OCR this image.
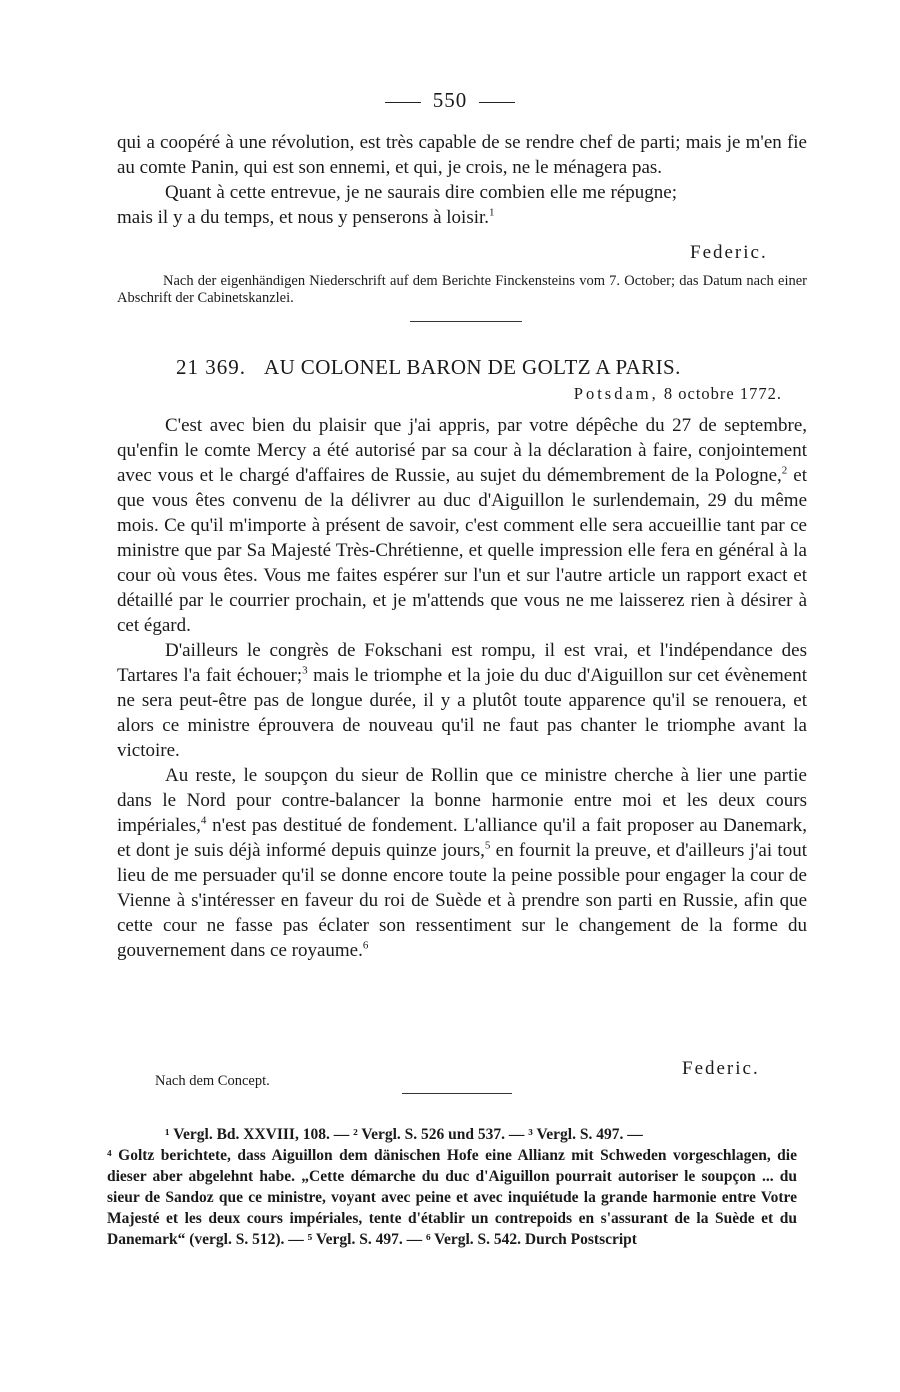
550

qui a coopéré à une révolution, est très capable de se rendre chef de parti; mais je m'en fie au comte Panin, qui est son ennemi, et qui, je crois, ne le ménagera pas.

Quant à cette entrevue, je ne saurais dire combien elle me répugne; mais il y a du temps, et nous y penserons à loisir.$^1$

Federic.
Nach der eigenhändigen Niederschrift auf dem Berichte Finckensteins vom 7. October; das Datum nach einer Abschrift der Cabinetskanzlei.
21 369. AU COLONEL BARON DE GOLTZ A PARIS.
Potsdam, 8 octobre 1772.

C'est avec bien du plaisir que j'ai appris, par votre dépêche du 27 de septembre, qu'enfin le comte Mercy a été autorisé par sa cour à la déclaration à faire, conjointement avec vous et le chargé d'affaires de Russie, au sujet du démembrement de la Pologne,$^2$ et que vous êtes convenu de la délivrer au duc d'Aiguillon le surlendemain, 29 du même mois. Ce qu'il m'importe à présent de savoir, c'est comment elle sera accueillie tant par ce ministre que par Sa Majesté Très-Chrétienne, et quelle impression elle fera en général à la cour où vous êtes. Vous me faites espérer sur l'un et sur l'autre article un rapport exact et détaillé par le courrier prochain, et je m'attends que vous ne me laisserez rien à désirer à cet égard.

D'ailleurs le congrès de Fokschani est rompu, il est vrai, et l'indépendance des Tartares l'a fait échouer;$^3$ mais le triomphe et la joie du duc d'Aiguillon sur cet évènement ne sera peut-être pas de longue durée, il y a plutôt toute apparence qu'il se renouera, et alors ce ministre éprouvera de nouveau qu'il ne faut pas chanter le triomphe avant la victoire.

Au reste, le soupçon du sieur de Rollin que ce ministre cherche à lier une partie dans le Nord pour contre-balancer la bonne harmonie entre moi et les deux cours impériales,$^4$ n'est pas destitué de fondement. L'alliance qu'il a fait proposer au Danemark, et dont je suis déjà informé depuis quinze jours,$^5$ en fournit la preuve, et d'ailleurs j'ai tout lieu de me persuader qu'il se donne encore toute la peine possible pour engager la cour de Vienne à s'intéresser en faveur du roi de Suède et à prendre son parti en Russie, afin que cette cour ne fasse pas éclater son ressentiment sur le changement de la forme du gouvernement dans ce royaume.$^6$

Federic.
Nach dem Concept.

¹ Vergl. Bd. XXVIII, 108. — ² Vergl. S. 526 und 537. — ³ Vergl. S. 497. —

⁴ Goltz berichtete, dass Aiguillon dem dänischen Hofe eine Allianz mit Schweden vorgeschlagen, die dieser aber abgelehnt habe. „Cette démarche du duc d'Aiguillon pourrait autoriser le soupçon ... du sieur de Sandoz que ce ministre, voyant avec peine et avec inquiétude la grande harmonie entre Votre Majesté et les deux cours impériales, tente d'établir un contrepoids en s'assurant de la Suède et du Danemark“ (vergl. S. 512). — ⁵ Vergl. S. 497. — ⁶ Vergl. S. 542. Durch Postscript
